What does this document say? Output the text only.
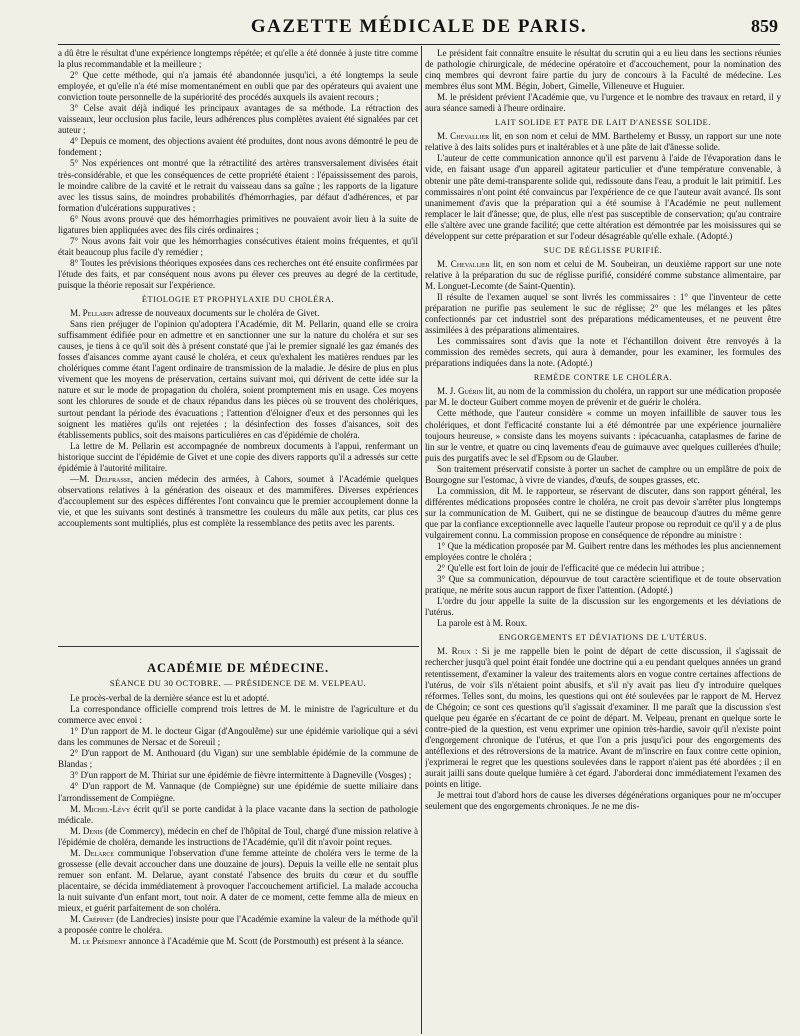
GAZETTE MÉDICALE DE PARIS.	859

a dû être le résultat d'une expérience longtemps répétée; et qu'elle a été donnée à juste titre comme la plus recommandable et la meilleure ;

2° Que cette méthode, qui n'a jamais été abandonnée jusqu'ici, a été longtemps la seule employée, et qu'elle n'a été mise momentanément en oubli que par des opérateurs qui avaient une conviction toute personnelle de la supériorité des procédés auxquels ils avaient recours ;

3° Celse avait déjà indiqué les principaux avantages de sa méthode. La rétraction des vaisseaux, leur occlusion plus facile, leurs adhérences plus complètes avaient été signalées par cet auteur ;

4° Depuis ce moment, des objections avaient été produites, dont nous avons démontré le peu de fondement ;

5° Nos expériences ont montré que la rétractilité des artères transversalement divisées était très-considérable, et que les conséquences de cette propriété étaient : l'épaississement des parois, le moindre calibre de la cavité et le retrait du vaisseau dans sa gaîne ; les rapports de la ligature avec les tissus sains, de moindres probabilités d'hémorrhagies, par défaut d'adhérences, et par formation d'ulcérations suppuratives ;

6° Nous avons prouvé que des hémorrhagies primitives ne pouvaient avoir lieu à la suite de ligatures bien appliquées avec des fils cirés ordinaires ;

7° Nous avons fait voir que les hémorrhagies consécutives étaient moins fréquentes, et qu'il était beaucoup plus facile d'y remédier ;

8° Toutes les prévisions théoriques exposées dans ces recherches ont été ensuite confirmées par l'étude des faits, et par conséquent nous avons pu élever ces preuves au degré de la certitude, puisque la théorie reposait sur l'expérience.

ÉTIOLOGIE ET PROPHYLAXIE DU CHOLÉRA.

M. Pellarin adresse de nouveaux documents sur le choléra de Givet.

Sans rien préjuger de l'opinion qu'adoptera l'Académie, dit M. Pellarin, quand elle se croira suffisamment édifiée pour en admettre et en sanctionner une sur la nature du choléra et sur ses causes, je tiens à ce qu'il soit dès à présent constaté que j'ai le premier signalé les gaz émanés des fosses d'aisances comme ayant causé le choléra, et ceux qu'exhalent les matières rendues par les cholériques comme étant l'agent ordinaire de transmission de la maladie. Je désire de plus en plus vivement que les moyens de préservation, certains suivant moi, qui dérivent de cette idée sur la nature et sur le mode de propagation du choléra, soient promptement mis en usage. Ces moyens sont les chlorures de soude et de chaux répandus dans les pièces où se trouvent des cholériques, surtout pendant la période des évacuations ; l'attention d'éloigner d'eux et des personnes qui les soignent les matières qu'ils ont rejetées ; la désinfection des fosses d'aisances, soit des établissements publics, soit des maisons particulières en cas d'épidémie de choléra.

La lettre de M. Pellarin est accompagnée de nombreux documents à l'appui, renfermant un historique succint de l'épidémie de Givet et une copie des divers rapports qu'il a adressés sur cette épidémie à l'autorité militaire.

—M. Delfrasse, ancien médecin des armées, à Cahors, soumet à l'Académie quelques observations relatives à la génération des oiseaux et des mammifères. Diverses expériences d'accouplement sur des espèces différentes l'ont convaincu que le premier accouplement donne la vie, et que les suivants sont destinés à transmettre les couleurs du mâle aux petits, car plus ces accouplements sont multipliés, plus est complète la ressemblance des petits avec les parents.

ACADÉMIE DE MÉDECINE.
SÉANCE DU 30 OCTOBRE. — PRÉSIDENCE DE M. VELPEAU.

Le procès-verbal de la dernière séance est lu et adopté.

La correspondance officielle comprend trois lettres de M. le ministre de l'agriculture et du commerce avec envoi :

1° D'un rapport de M. le docteur Gigar (d'Angoulême) sur une épidémie variolique qui a sévi dans les communes de Nersac et de Soreuil ;

2° D'un rapport de M. Anthouard (du Vigan) sur une semblable épidémie de la commune de Blandas ;

3° D'un rapport de M. Thiriat sur une épidémie de fièvre intermittente à Dagneville (Vosges) ;

4° D'un rapport de M. Vannaque (de Compiègne) sur une épidémie de suette miliaire dans l'arrondissement de Compiègne.

M. Michel-Lévy écrit qu'il se porte candidat à la place vacante dans la section de pathologie médicale.

M. Denis (de Commercy), médecin en chef de l'hôpital de Toul, chargé d'une mission relative à l'épidémie de choléra, demande les instructions de l'Académie, qu'il dit n'avoir point reçues.

M. Delarce communique l'observation d'une femme atteinte de choléra vers le terme de la grossesse (elle devait accoucher dans une douzaine de jours). Depuis la veille elle ne sentait plus remuer son enfant. M. Delarue, ayant constaté l'absence des bruits du cœur et du souffle placentaire, se décida immédiatement à provoquer l'accouchement artificiel. La malade accoucha la nuit suivante d'un enfant mort, tout noir. A dater de ce moment, cette femme alla de mieux en mieux, et guérit parfaitement de son choléra.

M. Crépinet (de Landrecies) insiste pour que l'Académie examine la valeur de la méthode qu'il a proposée contre le choléra.

M. le Président annonce à l'Académie que M. Scott (de Porstmouth) est présent à la séance.

Le président fait connaître ensuite le résultat du scrutin qui a eu lieu dans les sections réunies de pathologie chirurgicale, de médecine opératoire et d'accouchement, pour la nomination des cinq membres qui devront faire partie du jury de concours à la Faculté de médecine. Les membres élus sont MM. Bégin, Jobert, Gimelle, Villeneuve et Huguier.

M. le président prévient l'Académie que, vu l'urgence et le nombre des travaux en retard, il y aura séance samedi à l'heure ordinaire.

LAIT SOLIDE ET PATE DE LAIT D'ANESSE SOLIDE.

M. Chevallier lit, en son nom et celui de MM. Barthelemy et Bussy, un rapport sur une note relative à des laits solides purs et inaltérables et à une pâte de lait d'ânesse solide.

L'auteur de cette communication annonce qu'il est parvenu à l'aide de l'évaporation dans le vide, en faisant usage d'un appareil agitateur particulier et d'une température convenable, à obtenir une pâte demi-transparente solide qui, redissoute dans l'eau, a produit le lait primitif. Les commissaires n'ont point été convaincus par l'expérience de ce que l'auteur avait avancé. Ils sont unanimement d'avis que la préparation qui a été soumise à l'Académie ne peut nullement remplacer le lait d'ânesse; que, de plus, elle n'est pas susceptible de conservation; qu'au contraire elle s'altère avec une grande facilité; que cette altération est démontrée par les moisissures qui se développent sur cette préparation et sur l'odeur désagréable qu'elle exhale. (Adopté.)

SUC DE RÉGLISSE PURIFIÉ.

M. Chevallier lit, en son nom et celui de M. Soubeiran, un deuxième rapport sur une note relative à la préparation du suc de réglisse purifié, considéré comme substance alimentaire, par M. Longuet-Lecomte (de Saint-Quentin).

Il résulte de l'examen auquel se sont livrés les commissaires : 1° que l'inventeur de cette préparation ne purifie pas seulement le suc de réglisse; 2° que les mélanges et les pâtes confectionnés par cet industriel sont des préparations médicamenteuses, et ne peuvent être assimilées à des préparations alimentaires.

Les commissaires sont d'avis que la note et l'échantillon doivent être renvoyés à la commission des remèdes secrets, qui aura à demander, pour les examiner, les formules des préparations indiquées dans la note. (Adopté.)

REMÈDE CONTRE LE CHOLÉRA.

M. J. Guérin lit, au nom de la commission du choléra, un rapport sur une médication proposée par M. le docteur Guibert comme moyen de prévenir et de guérir le choléra.

Cette méthode, que l'auteur considère « comme un moyen infaillible de sauver tous les cholériques, et dont l'efficacité constante lui a été démontrée par une expérience journalière toujours heureuse, » consiste dans les moyens suivants : ipécacuanha, cataplasmes de farine de lin sur le ventre, et quatre ou cinq lavements d'eau de guimauve avec quelques cuillerées d'huile; puis des purgatifs avec le sel d'Epsom ou de Glauber.

Son traitement préservatif consiste à porter un sachet de camphre ou un emplâtre de poix de Bourgogne sur l'estomac, à vivre de viandes, d'œufs, de soupes grasses, etc.

La commission, dit M. le rapporteur, se réservant de discuter, dans son rapport général, les différentes médications proposées contre le choléra, ne croit pas devoir s'arrêter plus longtemps sur la communication de M. Guibert, qui ne se distingue de beaucoup d'autres du même genre que par la confiance exceptionnelle avec laquelle l'auteur propose ou reproduit ce qu'il y a de plus vulgairement connu. La commission propose en conséquence de répondre au ministre :

1° Que la médication proposée par M. Guibert rentre dans les méthodes les plus anciennement employées contre le choléra ;

2° Qu'elle est fort loin de jouir de l'efficacité que ce médecin lui attribue ;

3° Que sa communication, dépourvue de tout caractère scientifique et de toute observation pratique, ne mérite sous aucun rapport de fixer l'attention. (Adopté.)

L'ordre du jour appelle la suite de la discussion sur les engorgements et les déviations de l'utérus.

La parole est à M. Roux.

ENGORGEMENTS ET DÉVIATIONS DE L'UTÉRUS.

M. Roux : Si je me rappelle bien le point de départ de cette discussion, il s'agissait de rechercher jusqu'à quel point était fondée une doctrine qui a eu pendant quelques années un grand retentissement, d'examiner la valeur des traitements alors en vogue contre certaines affections de l'utérus, de voir s'ils n'étaient point abusifs, et s'il n'y avait pas lieu d'y introduire quelques réformes. Telles sont, du moins, les questions qui ont été soulevées par le rapport de M. Hervez de Chégoin; ce sont ces questions qu'il s'agissait d'examiner. Il me paraît que la discussion s'est quelque peu égarée en s'écartant de ce point de départ. M. Velpeau, prenant en quelque sorte le contre-pied de la question, est venu exprimer une opinion très-hardie, savoir qu'il n'existe point d'engorgement chronique de l'utérus, et que l'on a pris jusqu'ici pour des engorgements des antéflexions et des rétroversions de la matrice. Avant de m'inscrire en faux contre cette opinion, j'exprimerai le regret que les questions soulevées dans le rapport n'aient pas été abordées ; il en aurait jailli sans doute quelque lumière à cet égard. J'aborderai donc immédiatement l'examen des points en litige.

Je mettrai tout d'abord hors de cause les diverses dégénérations organiques pour ne m'occuper seulement que des engorgements chroniques. Je ne me dis-
